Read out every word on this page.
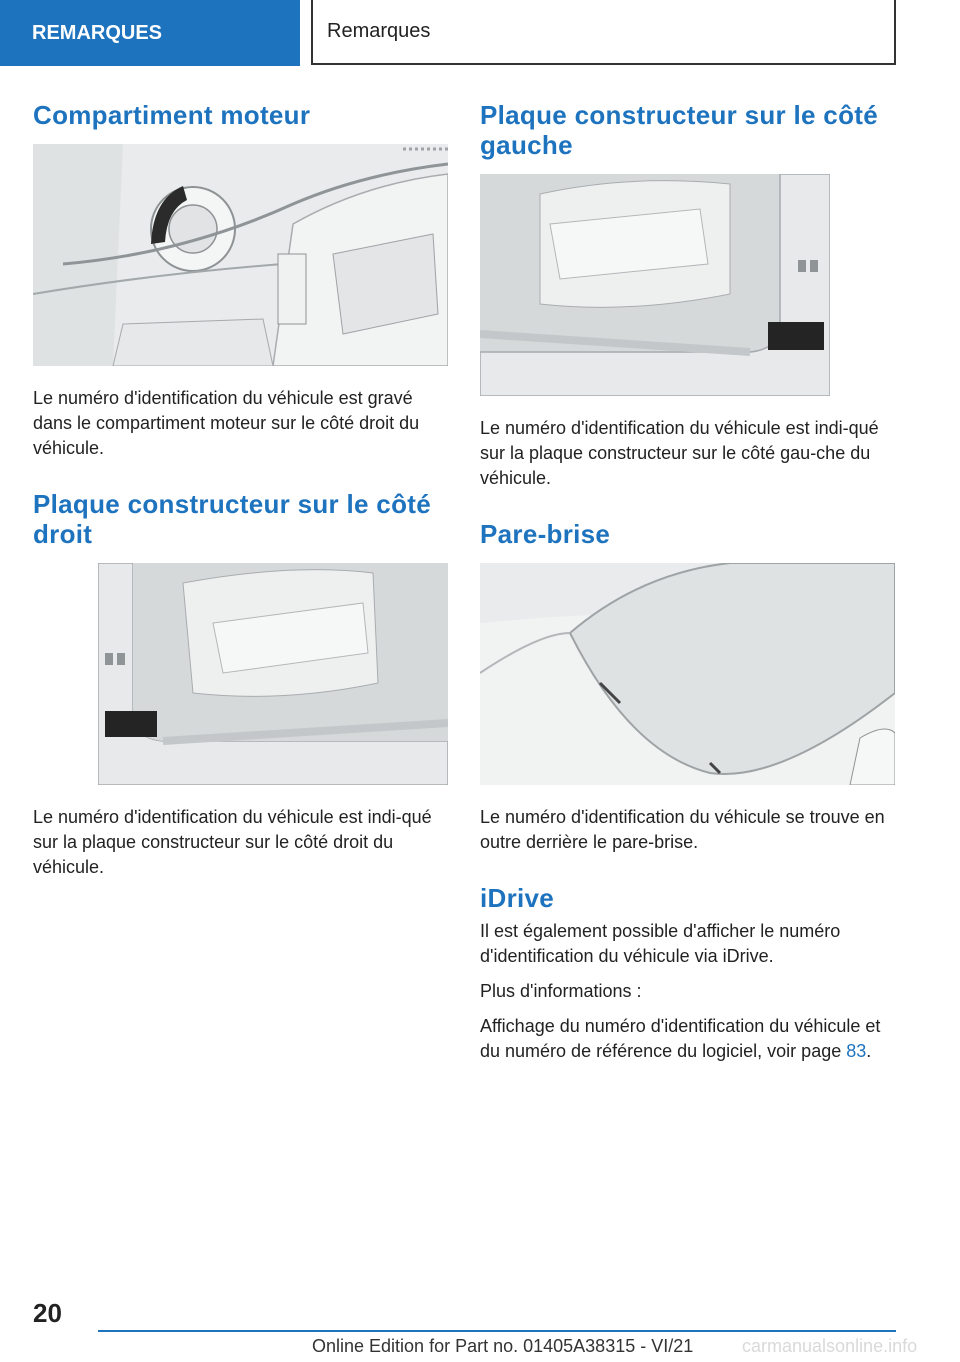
REMARQUES	Remarques
Compartiment moteur

Le numéro d'identification du véhicule est gravé dans le compartiment moteur sur le côté droit du véhicule.

Plaque constructeur sur le côté droit

Le numéro d'identification du véhicule est indi-qué sur la plaque constructeur sur le côté droit du véhicule.

Plaque constructeur sur le côté gauche

Le numéro d'identification du véhicule est indi-qué sur la plaque constructeur sur le côté gau-che du véhicule.

Pare-brise

Le numéro d'identification du véhicule se trouve en outre derrière le pare-brise.

iDrive

Il est également possible d'afficher le numéro d'identification du véhicule via iDrive.

Plus d'informations :

Affichage du numéro d'identification du véhicule et du numéro de référence du logiciel, voir page 83.

20
Online Edition for Part no. 01405A38315 - VI/21	carmanualsonline.info
